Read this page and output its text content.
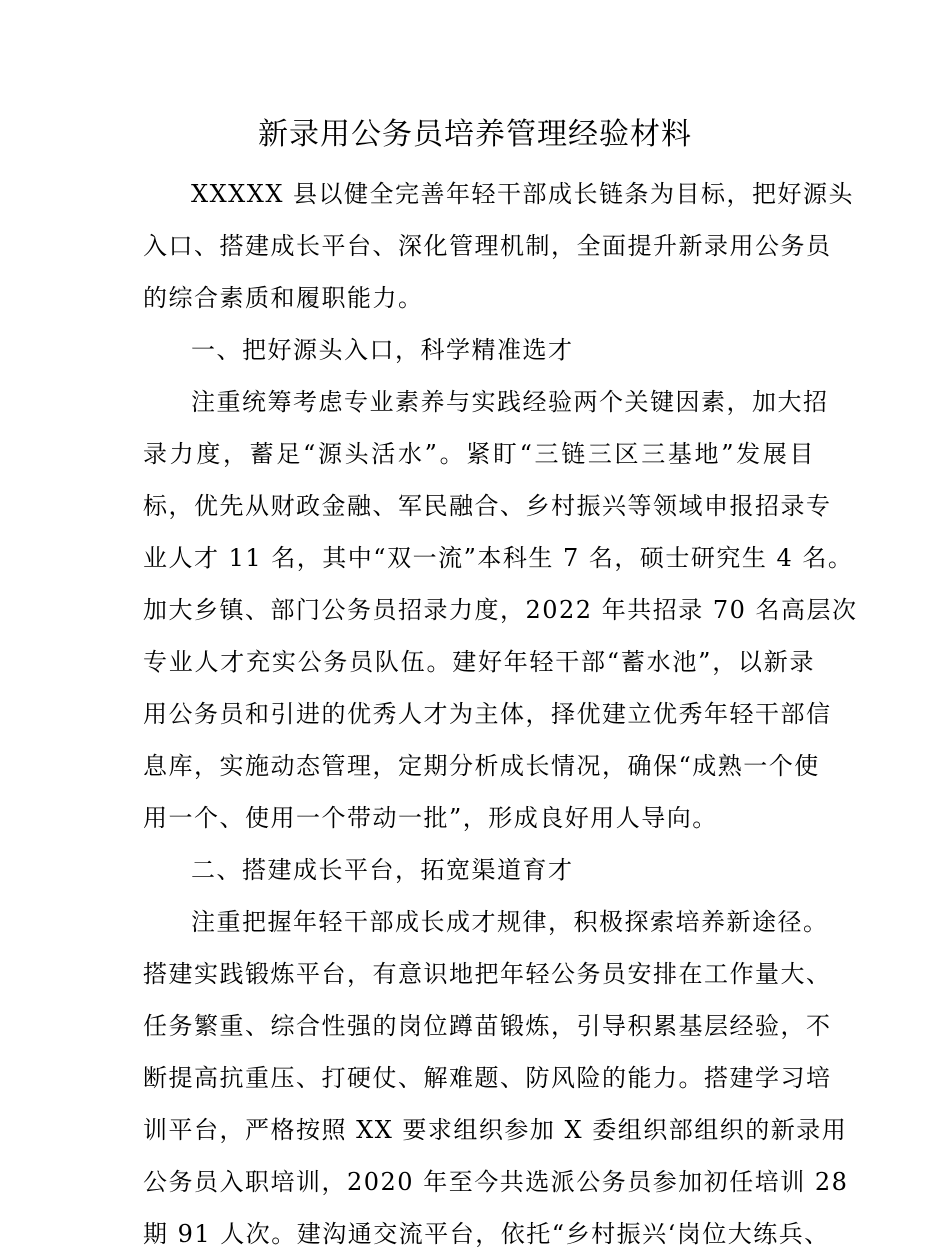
新录用公务员培养管理经验材料
XXXXX 县以健全完善年轻干部成长链条为目标，把好源头
入口、搭建成长平台、深化管理机制，全面提升新录用公务员
的综合素质和履职能力。
一、把好源头入口，科学精准选才
注重统筹考虑专业素养与实践经验两个关键因素，加大招
录力度，蓄足“源头活水”。紧盯“三链三区三基地”发展目
标，优先从财政金融、军民融合、乡村振兴等领域申报招录专
业人才 11 名，其中“双一流”本科生 7 名，硕士研究生 4 名。
加大乡镇、部门公务员招录力度，2022 年共招录 70 名高层次
专业人才充实公务员队伍。建好年轻干部“蓄水池”，以新录
用公务员和引进的优秀人才为主体，择优建立优秀年轻干部信
息库，实施动态管理，定期分析成长情况，确保“成熟一个使
用一个、使用一个带动一批”，形成良好用人导向。
二、搭建成长平台，拓宽渠道育才
注重把握年轻干部成长成才规律，积极探索培养新途径。
搭建实践锻炼平台，有意识地把年轻公务员安排在工作量大、
任务繁重、综合性强的岗位蹲苗锻炼，引导积累基层经验，不
断提高抗重压、打硬仗、解难题、防风险的能力。搭建学习培
训平台，严格按照 XX 要求组织参加 X 委组织部组织的新录用
公务员入职培训，2020 年至今共选派公务员参加初任培训 28
期 91 人次。建沟通交流平台，依托“乡村振兴‘岗位大练兵、
